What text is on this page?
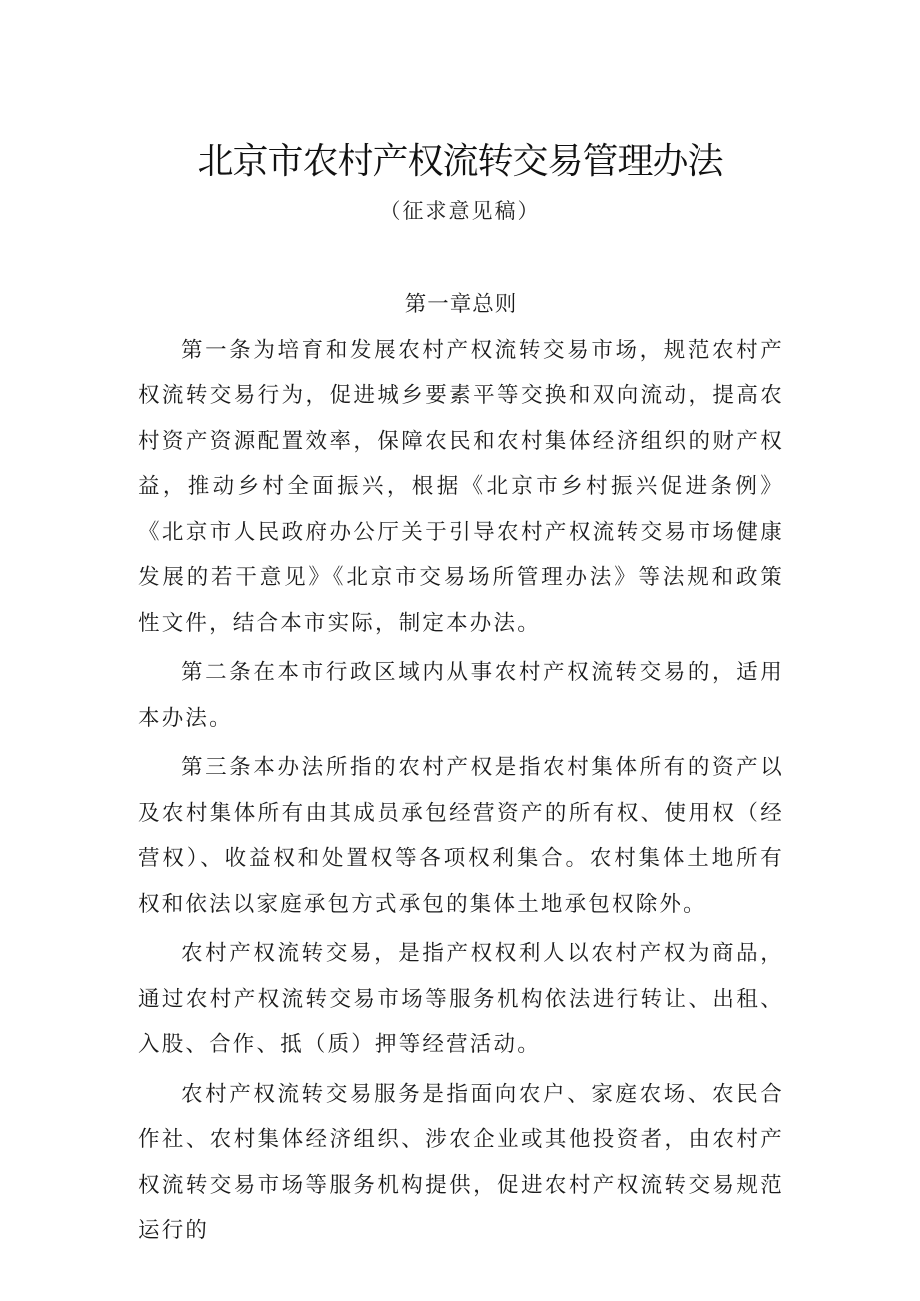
北京市农村产权流转交易管理办法
（征求意见稿）

第一章总则

第一条为培育和发展农村产权流转交易市场，规范农村产权流转交易行为，促进城乡要素平等交换和双向流动，提高农村资产资源配置效率，保障农民和农村集体经济组织的财产权益，推动乡村全面振兴，根据《北京市乡村振兴促进条例》《北京市人民政府办公厅关于引导农村产权流转交易市场健康发展的若干意见》《北京市交易场所管理办法》等法规和政策性文件，结合本市实际，制定本办法。

第二条在本市行政区域内从事农村产权流转交易的，适用本办法。

第三条本办法所指的农村产权是指农村集体所有的资产以及农村集体所有由其成员承包经营资产的所有权、使用权（经营权）、收益权和处置权等各项权利集合。农村集体土地所有权和依法以家庭承包方式承包的集体土地承包权除外。

农村产权流转交易，是指产权权利人以农村产权为商品，通过农村产权流转交易市场等服务机构依法进行转让、出租、入股、合作、抵（质）押等经营活动。

农村产权流转交易服务是指面向农户、家庭农场、农民合作社、农村集体经济组织、涉农企业或其他投资者，由农村产权流转交易市场等服务机构提供，促进农村产权流转交易规范运行的
